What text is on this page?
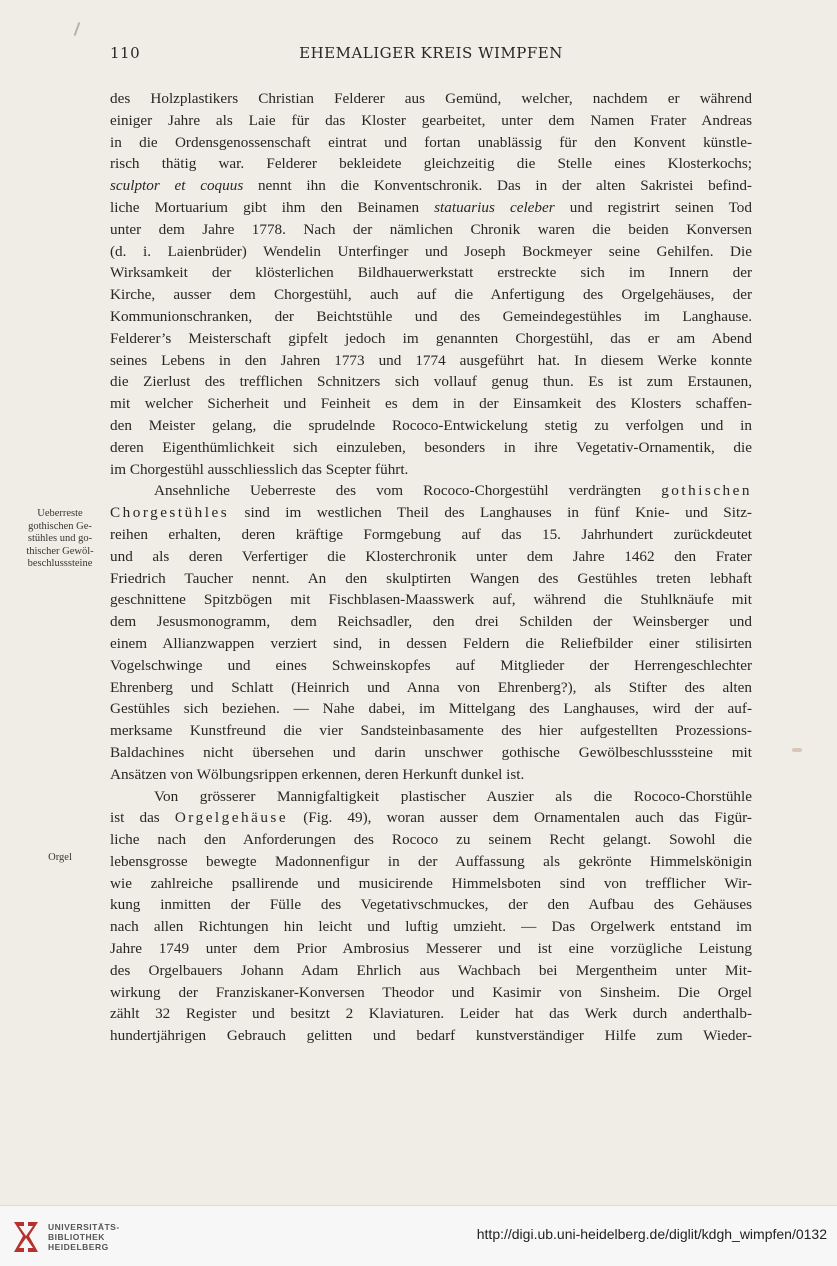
110	EHEMALIGER KREIS WIMPFEN
Ueberreste
gothischen Ge-
stühles und go-
thischer Gewöl-
beschlusssteine
Orgel
des Holzplastikers Christian Felderer aus Gemünd, welcher, nachdem er während
einiger Jahre als Laie für das Kloster gearbeitet, unter dem Namen Frater Andreas
in die Ordensgenossenschaft eintrat und fortan unablässig für den Konvent künstle-
risch thätig war. Felderer bekleidete gleichzeitig die Stelle eines Klosterkochs;
sculptor et coquus nennt ihn die Konventschronik. Das in der alten Sakristei befind-
liche Mortuarium gibt ihm den Beinamen statuarius celeber und registrirt seinen Tod
unter dem Jahre 1778. Nach der nämlichen Chronik waren die beiden Konversen
(d. i. Laienbrüder) Wendelin Unterfinger und Joseph Bockmeyer seine Gehilfen. Die
Wirksamkeit der klösterlichen Bildhauerwerkstatt erstreckte sich im Innern der
Kirche, ausser dem Chorgestühl, auch auf die Anfertigung des Orgelgehäuses, der
Kommunionschranken, der Beichtstühle und des Gemeindegestühles im Langhause.
Felderer’s Meisterschaft gipfelt jedoch im genannten Chorgestühl, das er am Abend
seines Lebens in den Jahren 1773 und 1774 ausgeführt hat. In diesem Werke konnte
die Zierlust des trefflichen Schnitzers sich vollauf genug thun. Es ist zum Erstaunen,
mit welcher Sicherheit und Feinheit es dem in der Einsamkeit des Klosters schaffen-
den Meister gelang, die sprudelnde Rococo-Entwickelung stetig zu verfolgen und in
deren Eigenthümlichkeit sich einzuleben, besonders in ihre Vegetativ-Ornamentik, die
im Chorgestühl ausschliesslich das Scepter führt.
Ansehnliche Ueberreste des vom Rococo-Chorgestühl verdrängten gothischen
Chorgestühles sind im westlichen Theil des Langhauses in fünf Knie- und Sitz-
reihen erhalten, deren kräftige Formgebung auf das 15. Jahrhundert zurückdeutet
und als deren Verfertiger die Klosterchronik unter dem Jahre 1462 den Frater
Friedrich Taucher nennt. An den skulptirten Wangen des Gestühles treten lebhaft
geschnittene Spitzbögen mit Fischblasen-Maasswerk auf, während die Stuhlknäufe mit
dem Jesusmonogramm, dem Reichsadler, den drei Schilden der Weinsberger und
einem Allianzwappen verziert sind, in dessen Feldern die Reliefbilder einer stilisirten
Vogelschwinge und eines Schweinskopfes auf Mitglieder der Herrengeschlechter
Ehrenberg und Schlatt (Heinrich und Anna von Ehrenberg?), als Stifter des alten
Gestühles sich beziehen. — Nahe dabei, im Mittelgang des Langhauses, wird der auf-
merksame Kunstfreund die vier Sandsteinbasamente des hier aufgestellten Prozessions-
Baldachines nicht übersehen und darin unschwer gothische Gewölbeschlusssteine mit
Ansätzen von Wölbungsrippen erkennen, deren Herkunft dunkel ist.
Von grösserer Mannigfaltigkeit plastischer Auszier als die Rococo-Chorstühle
ist das Orgelgehäuse (Fig. 49), woran ausser dem Ornamentalen auch das Figür-
liche nach den Anforderungen des Rococo zu seinem Recht gelangt. Sowohl die
lebensgrosse bewegte Madonnenfigur in der Auffassung als gekrönte Himmelskönigin
wie zahlreiche psallirende und musicirende Himmelsboten sind von trefflicher Wir-
kung inmitten der Fülle des Vegetativschmuckes, der den Aufbau des Gehäuses
nach allen Richtungen hin leicht und luftig umzieht. — Das Orgelwerk entstand im
Jahre 1749 unter dem Prior Ambrosius Messerer und ist eine vorzügliche Leistung
des Orgelbauers Johann Adam Ehrlich aus Wachbach bei Mergentheim unter Mit-
wirkung der Franziskaner-Konversen Theodor und Kasimir von Sinsheim. Die Orgel
zählt 32 Register und besitzt 2 Klaviaturen. Leider hat das Werk durch anderthalb-
hundertjährigen Gebrauch gelitten und bedarf kunstverständiger Hilfe zum Wieder-
UNIVERSITÄTS-
BIBLIOTHEK
HEIDELBERG
http://digi.ub.uni-heidelberg.de/diglit/kdgh_wimpfen/0132
